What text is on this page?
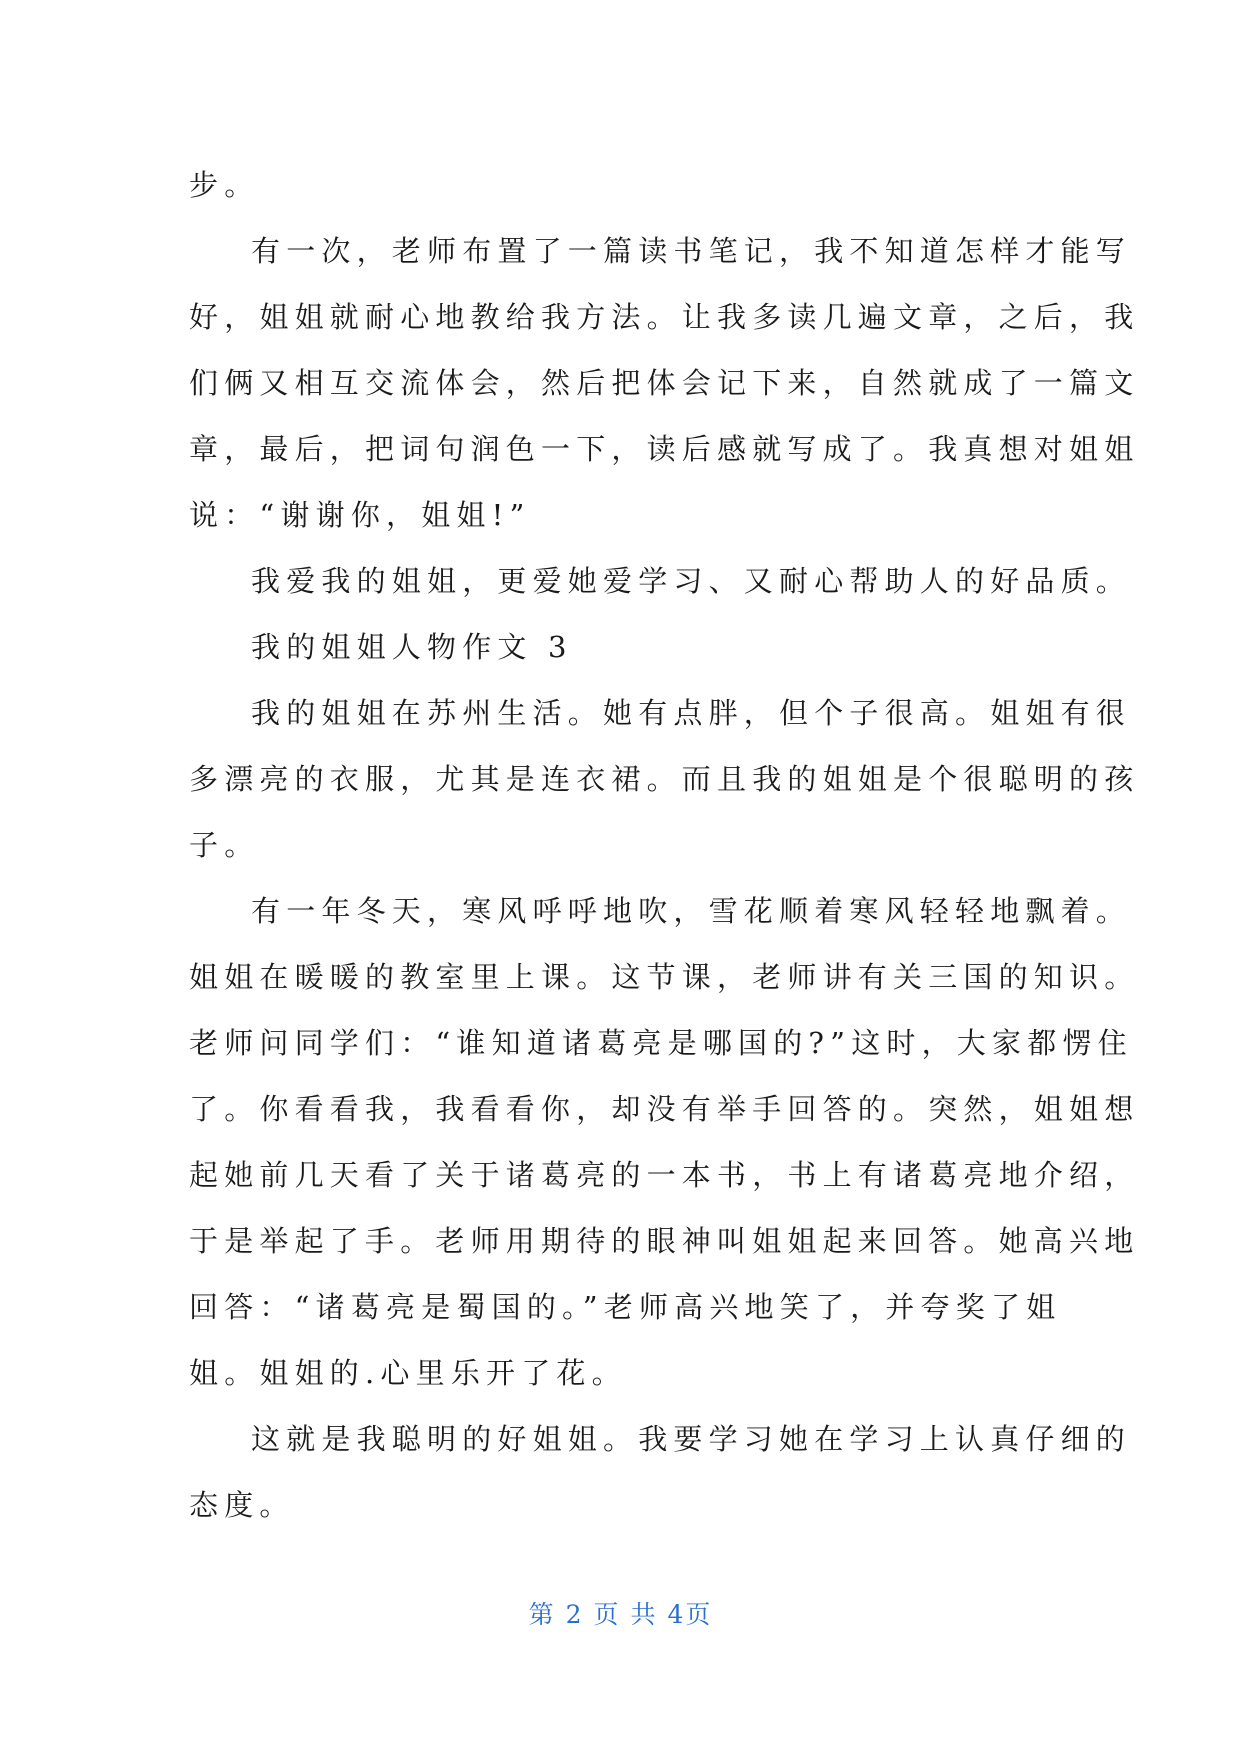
步。
有一次，老师布置了一篇读书笔记，我不知道怎样才能写
好，姐姐就耐心地教给我方法。让我多读几遍文章，之后，我
们俩又相互交流体会，然后把体会记下来，自然就成了一篇文
章，最后，把词句润色一下，读后感就写成了。我真想对姐姐
说：“谢谢你，姐姐!”
我爱我的姐姐，更爱她爱学习、又耐心帮助人的好品质。
我的姐姐人物作文 3
我的姐姐在苏州生活。她有点胖，但个子很高。姐姐有很
多漂亮的衣服，尤其是连衣裙。而且我的姐姐是个很聪明的孩
子。
有一年冬天，寒风呼呼地吹，雪花顺着寒风轻轻地飘着。
姐姐在暖暖的教室里上课。这节课，老师讲有关三国的知识。
老师问同学们：“谁知道诸葛亮是哪国的?”这时，大家都愣住
了。你看看我，我看看你，却没有举手回答的。突然，姐姐想
起她前几天看了关于诸葛亮的一本书，书上有诸葛亮地介绍，
于是举起了手。老师用期待的眼神叫姐姐起来回答。她高兴地
回答：“诸葛亮是蜀国的。”老师高兴地笑了，并夸奖了姐
姐。姐姐的.心里乐开了花。
这就是我聪明的好姐姐。我要学习她在学习上认真仔细的
态度。
第 2 页 共 4页
